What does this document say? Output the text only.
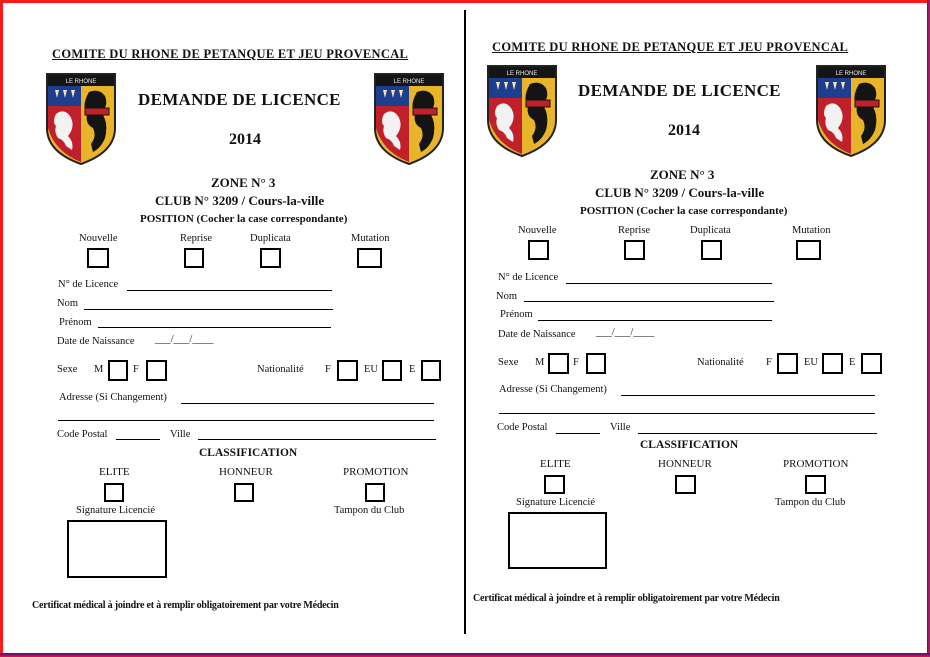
COMITE DU RHONE DE PETANQUE ET JEU PROVENCAL
LE RHONE
DEMANDE DE LICENCE
2014
LE RHONE
ZONE N° 3
CLUB N° 3209 / Cours-la-ville
POSITION (Cocher la case correspondante)
Nouvelle	Reprise	Duplicata	Mutation
N° de Licence
Nom
Prénom
Date de Naissance ___/___/____
Sexe M	F	Nationalité F	EU	E
Adresse (Si Changement)
Code Postal	Ville
CLASSIFICATION
ELITE	HONNEUR	PROMOTION
Signature Licencié	Tampon du Club
Certificat médical à joindre et à remplir obligatoirement par votre Médecin
COMITE DU RHONE DE PETANQUE ET JEU PROVENCAL
LE RHONE
DEMANDE DE LICENCE
2014
LE RHONE
ZONE N° 3
CLUB N° 3209 / Cours-la-ville
POSITION (Cocher la case correspondante)
Nouvelle	Reprise	Duplicata	Mutation
N° de Licence
Nom
Prénom
Date de Naissance ___/___/____
Sexe M	F	Nationalité F	EU	E
Adresse (Si Changement)
Code Postal	Ville
CLASSIFICATION
ELITE	HONNEUR	PROMOTION
Signature Licencié	Tampon du Club
Certificat médical à joindre et à remplir obligatoirement par votre Médecin
